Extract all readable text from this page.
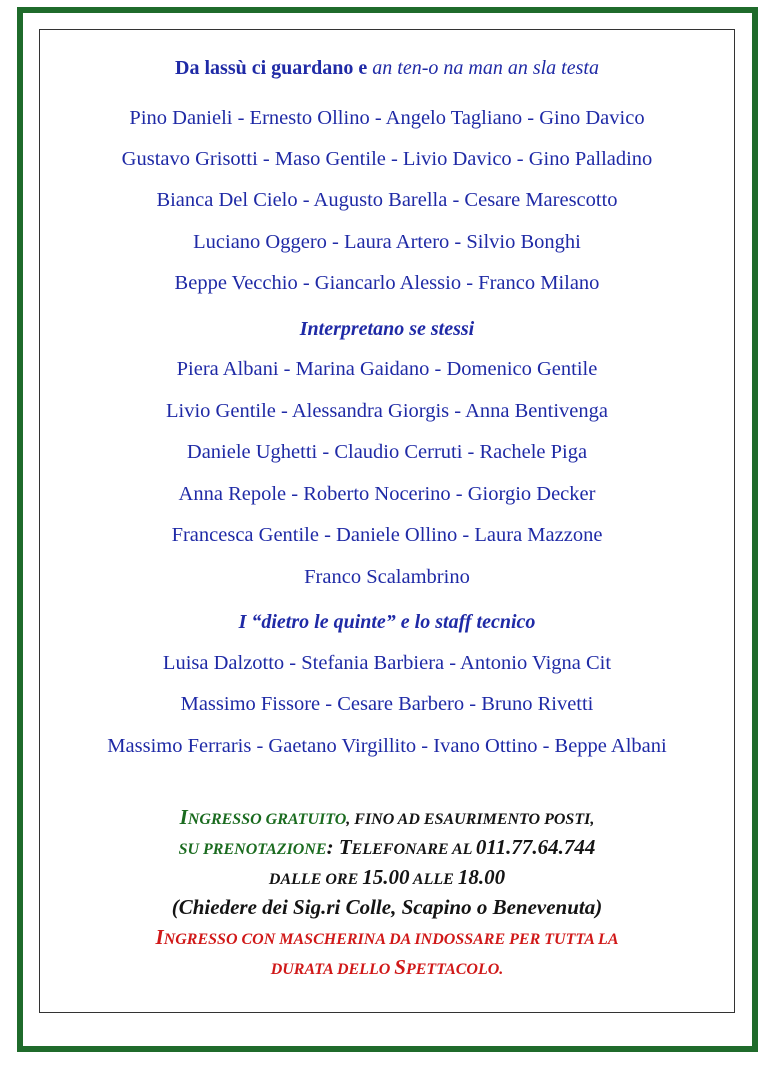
Da lassù ci guardano e an ten-o na man an sla testa
Pino Danieli - Ernesto Ollino - Angelo Tagliano - Gino Davico
Gustavo Grisotti - Maso Gentile - Livio Davico - Gino Palladino
Bianca Del Cielo - Augusto Barella - Cesare Marescotto
Luciano Oggero - Laura Artero - Silvio Bonghi
Beppe Vecchio - Giancarlo Alessio - Franco Milano
Interpretano se stessi
Piera Albani - Marina Gaidano - Domenico Gentile
Livio Gentile - Alessandra Giorgis - Anna Bentivenga
Daniele Ughetti - Claudio Cerruti - Rachele Piga
Anna Repole - Roberto Nocerino - Giorgio Decker
Francesca Gentile - Daniele Ollino - Laura Mazzone
Franco Scalambrino
I “dietro le quinte” e lo staff tecnico
Luisa Dalzotto - Stefania Barbiera - Antonio Vigna Cit
Massimo Fissore - Cesare Barbero - Bruno Rivetti
Massimo Ferraris - Gaetano Virgillito - Ivano Ottino - Beppe Albani
INGRESSO GRATUITO, FINO AD ESAURIMENTO POSTI,
SU PRENOTAZIONE: TELEFONARE AL 011.77.64.744
DALLE ORE 15.00 ALLE 18.00
(Chiedere dei Sig.ri Colle, Scapino o Benevenuta)
INGRESSO CON MASCHERINA DA INDOSSARE PER TUTTA LA
DURATA DELLO SPETTACOLO.
